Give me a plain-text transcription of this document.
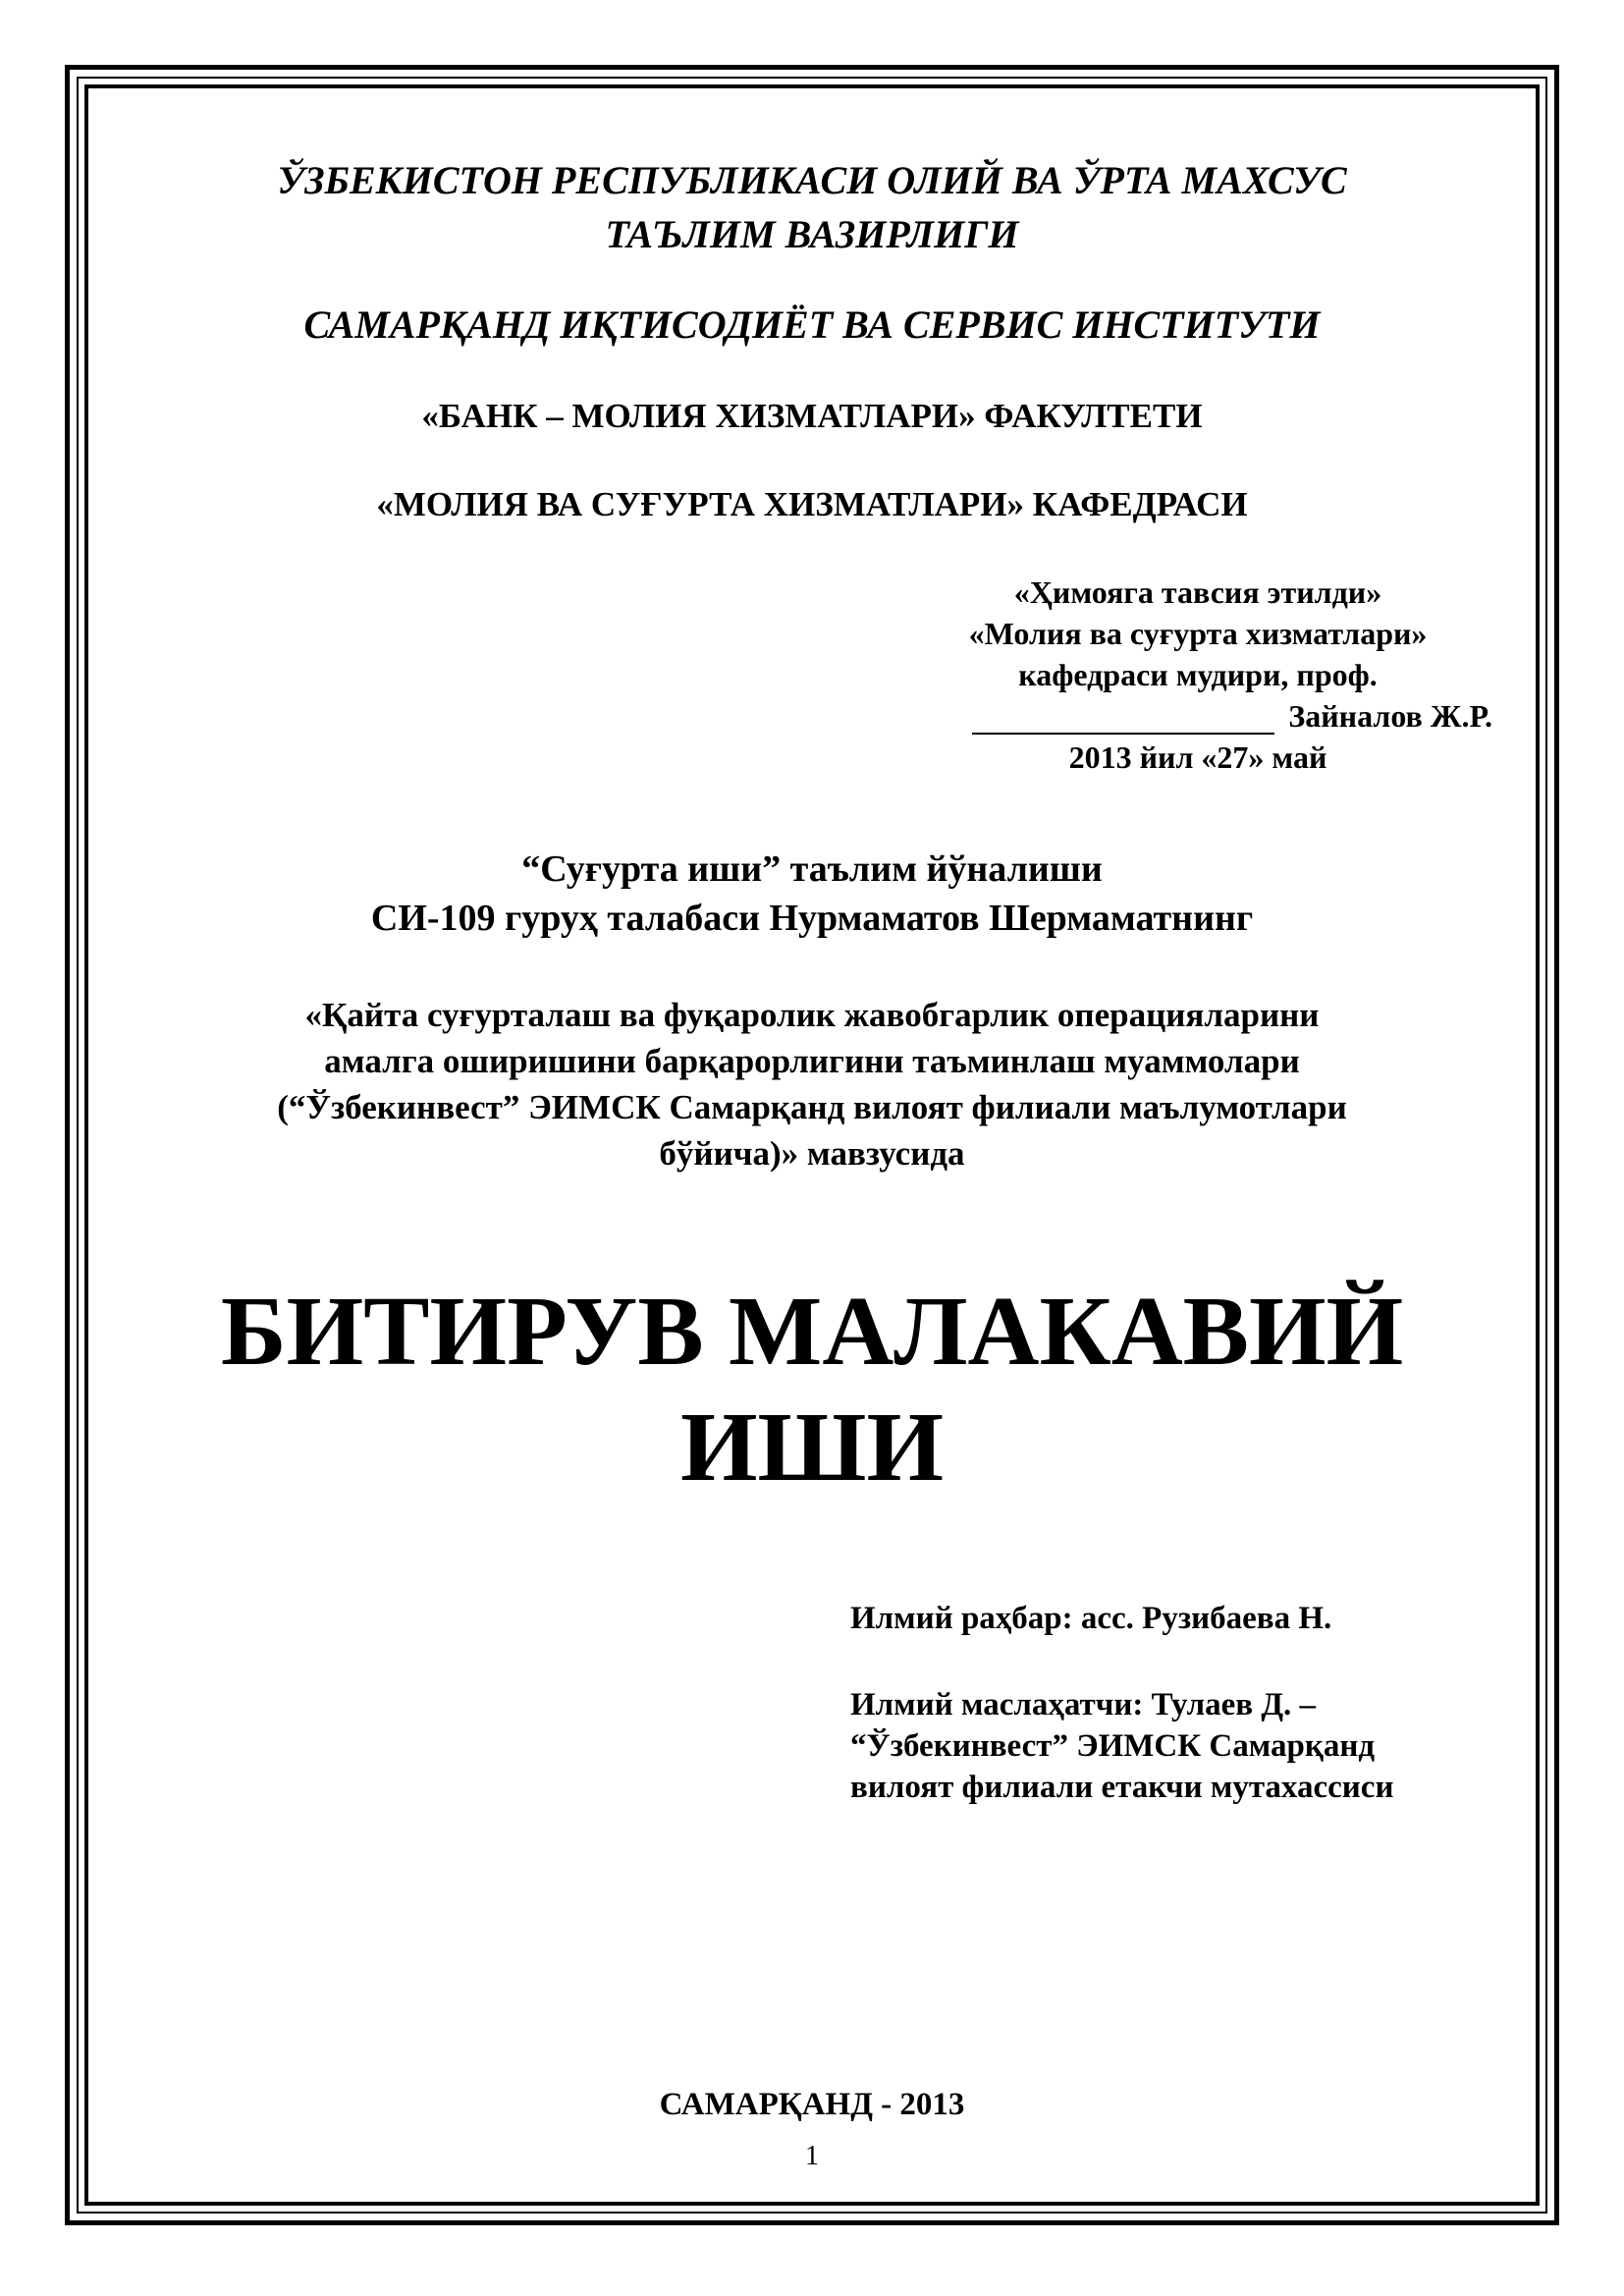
ЎЗБЕКИСТОН РЕСПУБЛИКАСИ ОЛИЙ ВА ЎРТА МАХСУС
ТАЪЛИМ ВАЗИРЛИГИ
САМАРҚАНД ИҚТИСОДИЁТ ВА СЕРВИС ИНСТИТУТИ
«БАНК – МОЛИЯ ХИЗМАТЛАРИ» ФАКУЛТЕТИ
«МОЛИЯ ВА СУҒУРТА ХИЗМАТЛАРИ» КАФЕДРАСИ
«Ҳимояга тавсия этилди»
«Молия ва суғурта хизматлари»
кафедраси мудири, проф.
Зайналов Ж.Р.
2013 йил «27» май
“Суғурта иши” таълим йўналиши
СИ-109 гуруҳ талабаси Нурмаматов Шермаматнинг
«Қайта суғурталаш ва фуқаролик жавобгарлик операцияларини
амалга оширишини барқарорлигини таъминлаш муаммолари
(“Ўзбекинвест” ЭИМСК Самарқанд вилоят филиали маълумотлари
бўйича)» мавзусида
БИТИРУВ МАЛАКАВИЙ
ИШИ
Илмий раҳбар: асс. Рузибаева Н.
Илмий маслаҳатчи: Тулаев Д. –
“Ўзбекинвест” ЭИМСК Самарқанд
вилоят филиали етакчи мутахассиси
САМАРҚАНД - 2013
1
